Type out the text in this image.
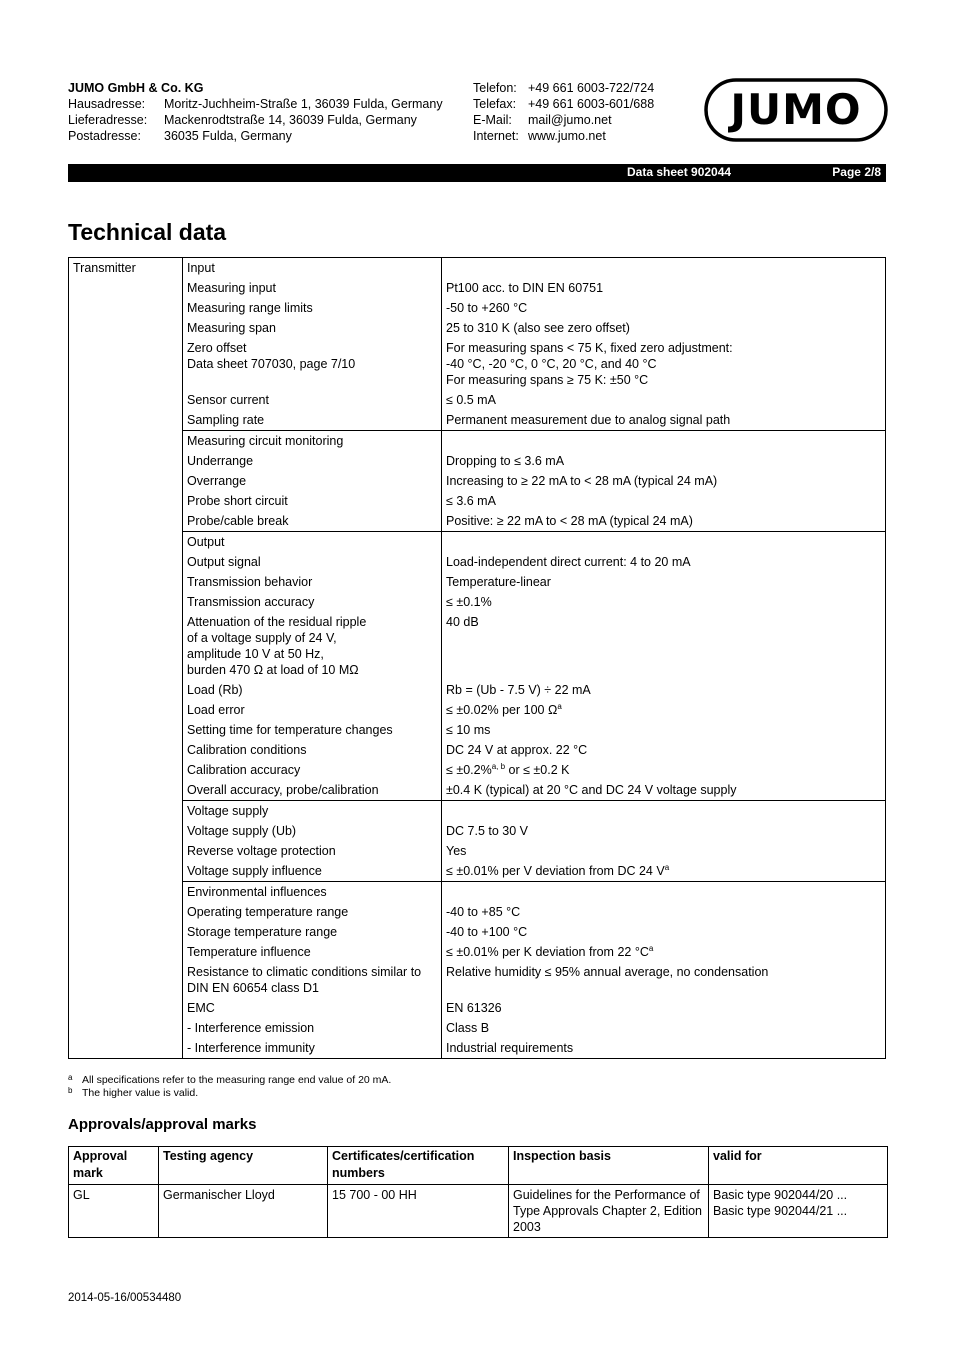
JUMO GmbH & Co. KG
Hausadresse: Moritz-Juchheim-Straße 1, 36039 Fulda, Germany
Lieferadresse: Mackenrodtstraße 14, 36039 Fulda, Germany
Postadresse: 36035 Fulda, Germany
Telefon: +49 661 6003-722/724
Telefax: +49 661 6003-601/688
E-Mail: mail@jumo.net
Internet: www.jumo.net
JUMO
Data sheet 902044	Page 2/8
Technical data
Transmitter	Input	
	Measuring input	Pt100 acc. to DIN EN 60751
	Measuring range limits	-50 to +260 °C
	Measuring span	25 to 310 K (also see zero offset)
	Zero offset
Data sheet 707030, page 7/10	For measuring spans < 75 K, fixed zero adjustment:
-40 °C, -20 °C, 0 °C, 20 °C, and 40 °C
For measuring spans ≥ 75 K: ±50 °C
	Sensor current	≤ 0.5 mA
	Sampling rate	Permanent measurement due to analog signal path
	Measuring circuit monitoring	
	Underrange	Dropping to ≤ 3.6 mA
	Overrange	Increasing to ≥ 22 mA to < 28 mA (typical 24 mA)
	Probe short circuit	≤ 3.6 mA
	Probe/cable break	Positive: ≥ 22 mA to < 28 mA (typical 24 mA)
	Output	
	Output signal	Load-independent direct current: 4 to 20 mA
	Transmission behavior	Temperature-linear
	Transmission accuracy	≤ ±0.1%
	Attenuation of the residual ripple
of a voltage supply of 24 V,
amplitude 10 V at 50 Hz,
burden 470 Ω at load of 10 MΩ	40 dB
	Load (Rb)	Rb = (Ub - 7.5 V) ÷ 22 mA
	Load error	≤ ±0.02% per 100 $\Omega^a$
	Setting time for temperature changes	≤ 10 ms
	Calibration conditions	DC 24 V at approx. 22 °C
	Calibration accuracy	≤ ±0.2%$^{a, b}$ or ≤ ±0.2 K
	Overall accuracy, probe/calibration	±0.4 K (typical) at 20 °C and DC 24 V voltage supply
	Voltage supply	
	Voltage supply (Ub)	DC 7.5 to 30 V
	Reverse voltage protection	Yes
	Voltage supply influence	≤ ±0.01% per V deviation from DC 24 $V^a$
	Environmental influences	
	Operating temperature range	-40 to +85 °C
	Storage temperature range	-40 to +100 °C
	Temperature influence	≤ ±0.01% per K deviation from 22 $^\circ C^a$
	Resistance to climatic conditions similar to
DIN EN 60654 class D1	Relative humidity ≤ 95% annual average, no condensation
	EMC	EN 61326
	- Interference emission	Class B
	- Interference immunity	Industrial requirements
a All specifications refer to the measuring range end value of 20 mA.
b The higher value is valid.
Approvals/approval marks
Approval mark	Testing agency	Certificates/certification numbers	Inspection basis	valid for
GL	Germanischer Lloyd	15 700 - 00 HH	Guidelines for the Performance of Type Approvals Chapter 2, Edition 2003	Basic type 902044/20 ...
Basic type 902044/21 ...
2014-05-16/00534480
